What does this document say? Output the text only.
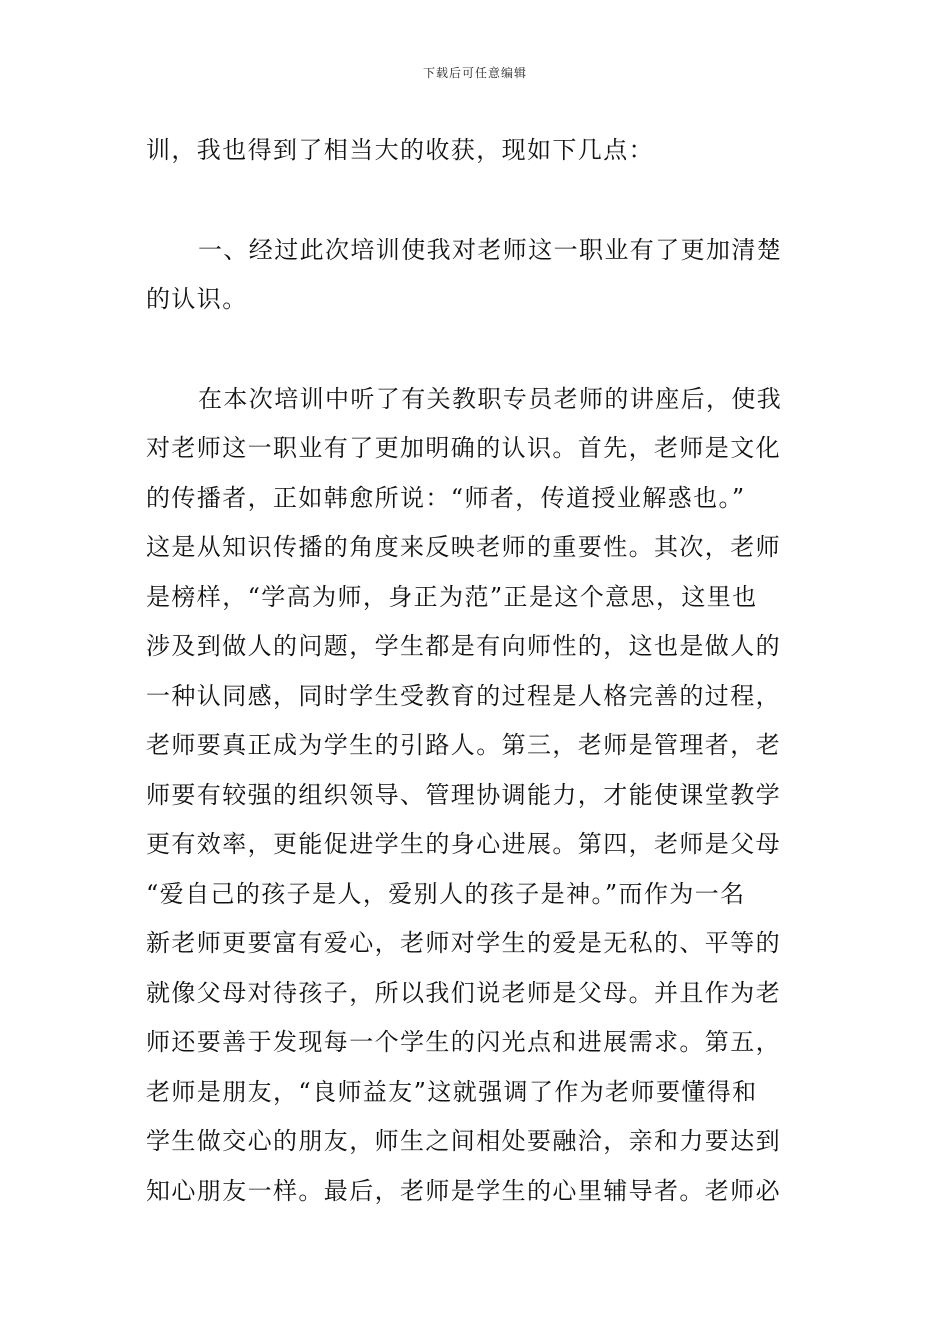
下载后可任意编辑
训，我也得到了相当大的收获，现如下几点：
一、经过此次培训使我对老师这一职业有了更加清楚
的认识。
在本次培训中听了有关教职专员老师的讲座后，使我
对老师这一职业有了更加明确的认识。首先，老师是文化
的传播者，正如韩愈所说：“师者，传道授业解惑也。”
这是从知识传播的角度来反映老师的重要性。其次，老师
是榜样，“学高为师，身正为范”正是这个意思，这里也
涉及到做人的问题，学生都是有向师性的，这也是做人的
一种认同感，同时学生受教育的过程是人格完善的过程，
老师要真正成为学生的引路人。第三，老师是管理者，老
师要有较强的组织领导、管理协调能力，才能使课堂教学
更有效率，更能促进学生的身心进展。第四，老师是父母
“爱自己的孩子是人，爱别人的孩子是神。”而作为一名
新老师更要富有爱心，老师对学生的爱是无私的、平等的
就像父母对待孩子，所以我们说老师是父母。并且作为老
师还要善于发现每一个学生的闪光点和进展需求。第五，
老师是朋友，“良师益友”这就强调了作为老师要懂得和
学生做交心的朋友，师生之间相处要融洽，亲和力要达到
知心朋友一样。最后，老师是学生的心里辅导者。老师必
